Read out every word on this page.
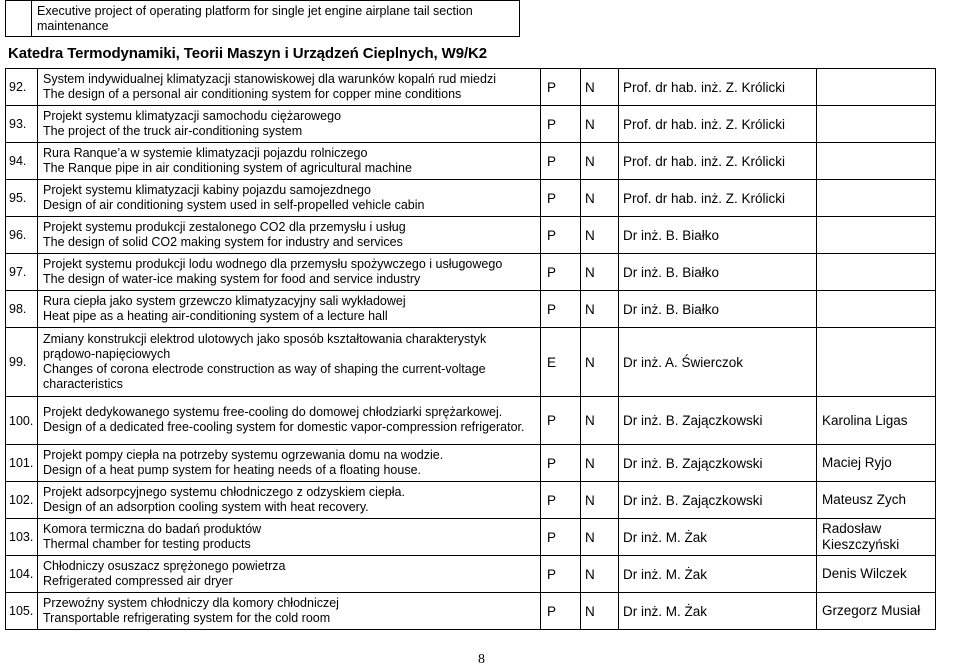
	Executive project of operating platform for single jet engine airplane tail section maintenance
Katedra Termodynamiki, Teorii Maszyn i Urządzeń Cieplnych, W9/K2
92.	System indywidualnej klimatyzacji stanowiskowej dla warunków kopalń rud miedzi
The design of a personal air conditioning system for copper mine conditions	P	N	Prof. dr hab. inż. Z. Królicki	
93.	Projekt systemu klimatyzacji samochodu ciężarowego
The project of the truck air-conditioning system	P	N	Prof. dr hab. inż. Z. Królicki	
94.	Rura Ranque’a w systemie klimatyzacji pojazdu rolniczego
The Ranque pipe in air conditioning system of agricultural machine	P	N	Prof. dr hab. inż. Z. Królicki	
95.	Projekt systemu klimatyzacji kabiny pojazdu samojezdnego
Design of air conditioning system used in self-propelled vehicle cabin	P	N	Prof. dr hab. inż. Z. Królicki	
96.	Projekt systemu produkcji zestalonego CO2 dla przemysłu i usług
The design of solid CO2 making system for industry and services	P	N	Dr inż. B. Białko	
97.	Projekt systemu produkcji lodu wodnego dla przemysłu spożywczego i usługowego
The design of water-ice making system for food and service industry	P	N	Dr inż. B. Białko	
98.	Rura ciepła jako system grzewczo klimatyzacyjny sali wykładowej
Heat pipe as a heating air-conditioning system of a lecture hall	P	N	Dr inż. B. Białko	
99.	Zmiany konstrukcji elektrod ulotowych jako sposób kształtowania charakterystyk prądowo-napięciowych
Changes of corona electrode construction as way of shaping the current-voltage characteristics	E	N	Dr inż. A. Świerczok	
100.	Projekt dedykowanego systemu free-cooling do domowej chłodziarki sprężarkowej.
Design of a dedicated free-cooling system for domestic vapor-compression refrigerator.	P	N	Dr inż. B. Zajączkowski	Karolina Ligas
101.	Projekt pompy ciepła na potrzeby systemu ogrzewania domu na wodzie.
Design of a heat pump system for heating needs of a floating house.	P	N	Dr inż. B. Zajączkowski	Maciej Ryjo
102.	Projekt adsorpcyjnego systemu chłodniczego z odzyskiem ciepła.
Design of an adsorption cooling system with heat recovery.	P	N	Dr inż. B. Zajączkowski	Mateusz Zych
103.	Komora termiczna do badań produktów
Thermal chamber for testing products	P	N	Dr inż. M. Żak	Radosław Kieszczyński
104.	Chłodniczy osuszacz sprężonego powietrza
Refrigerated compressed air dryer	P	N	Dr inż. M. Żak	Denis Wilczek
105.	Przewoźny system chłodniczy dla komory chłodniczej
Transportable refrigerating system for the cold room	P	N	Dr inż. M. Żak	Grzegorz Musiał
8
